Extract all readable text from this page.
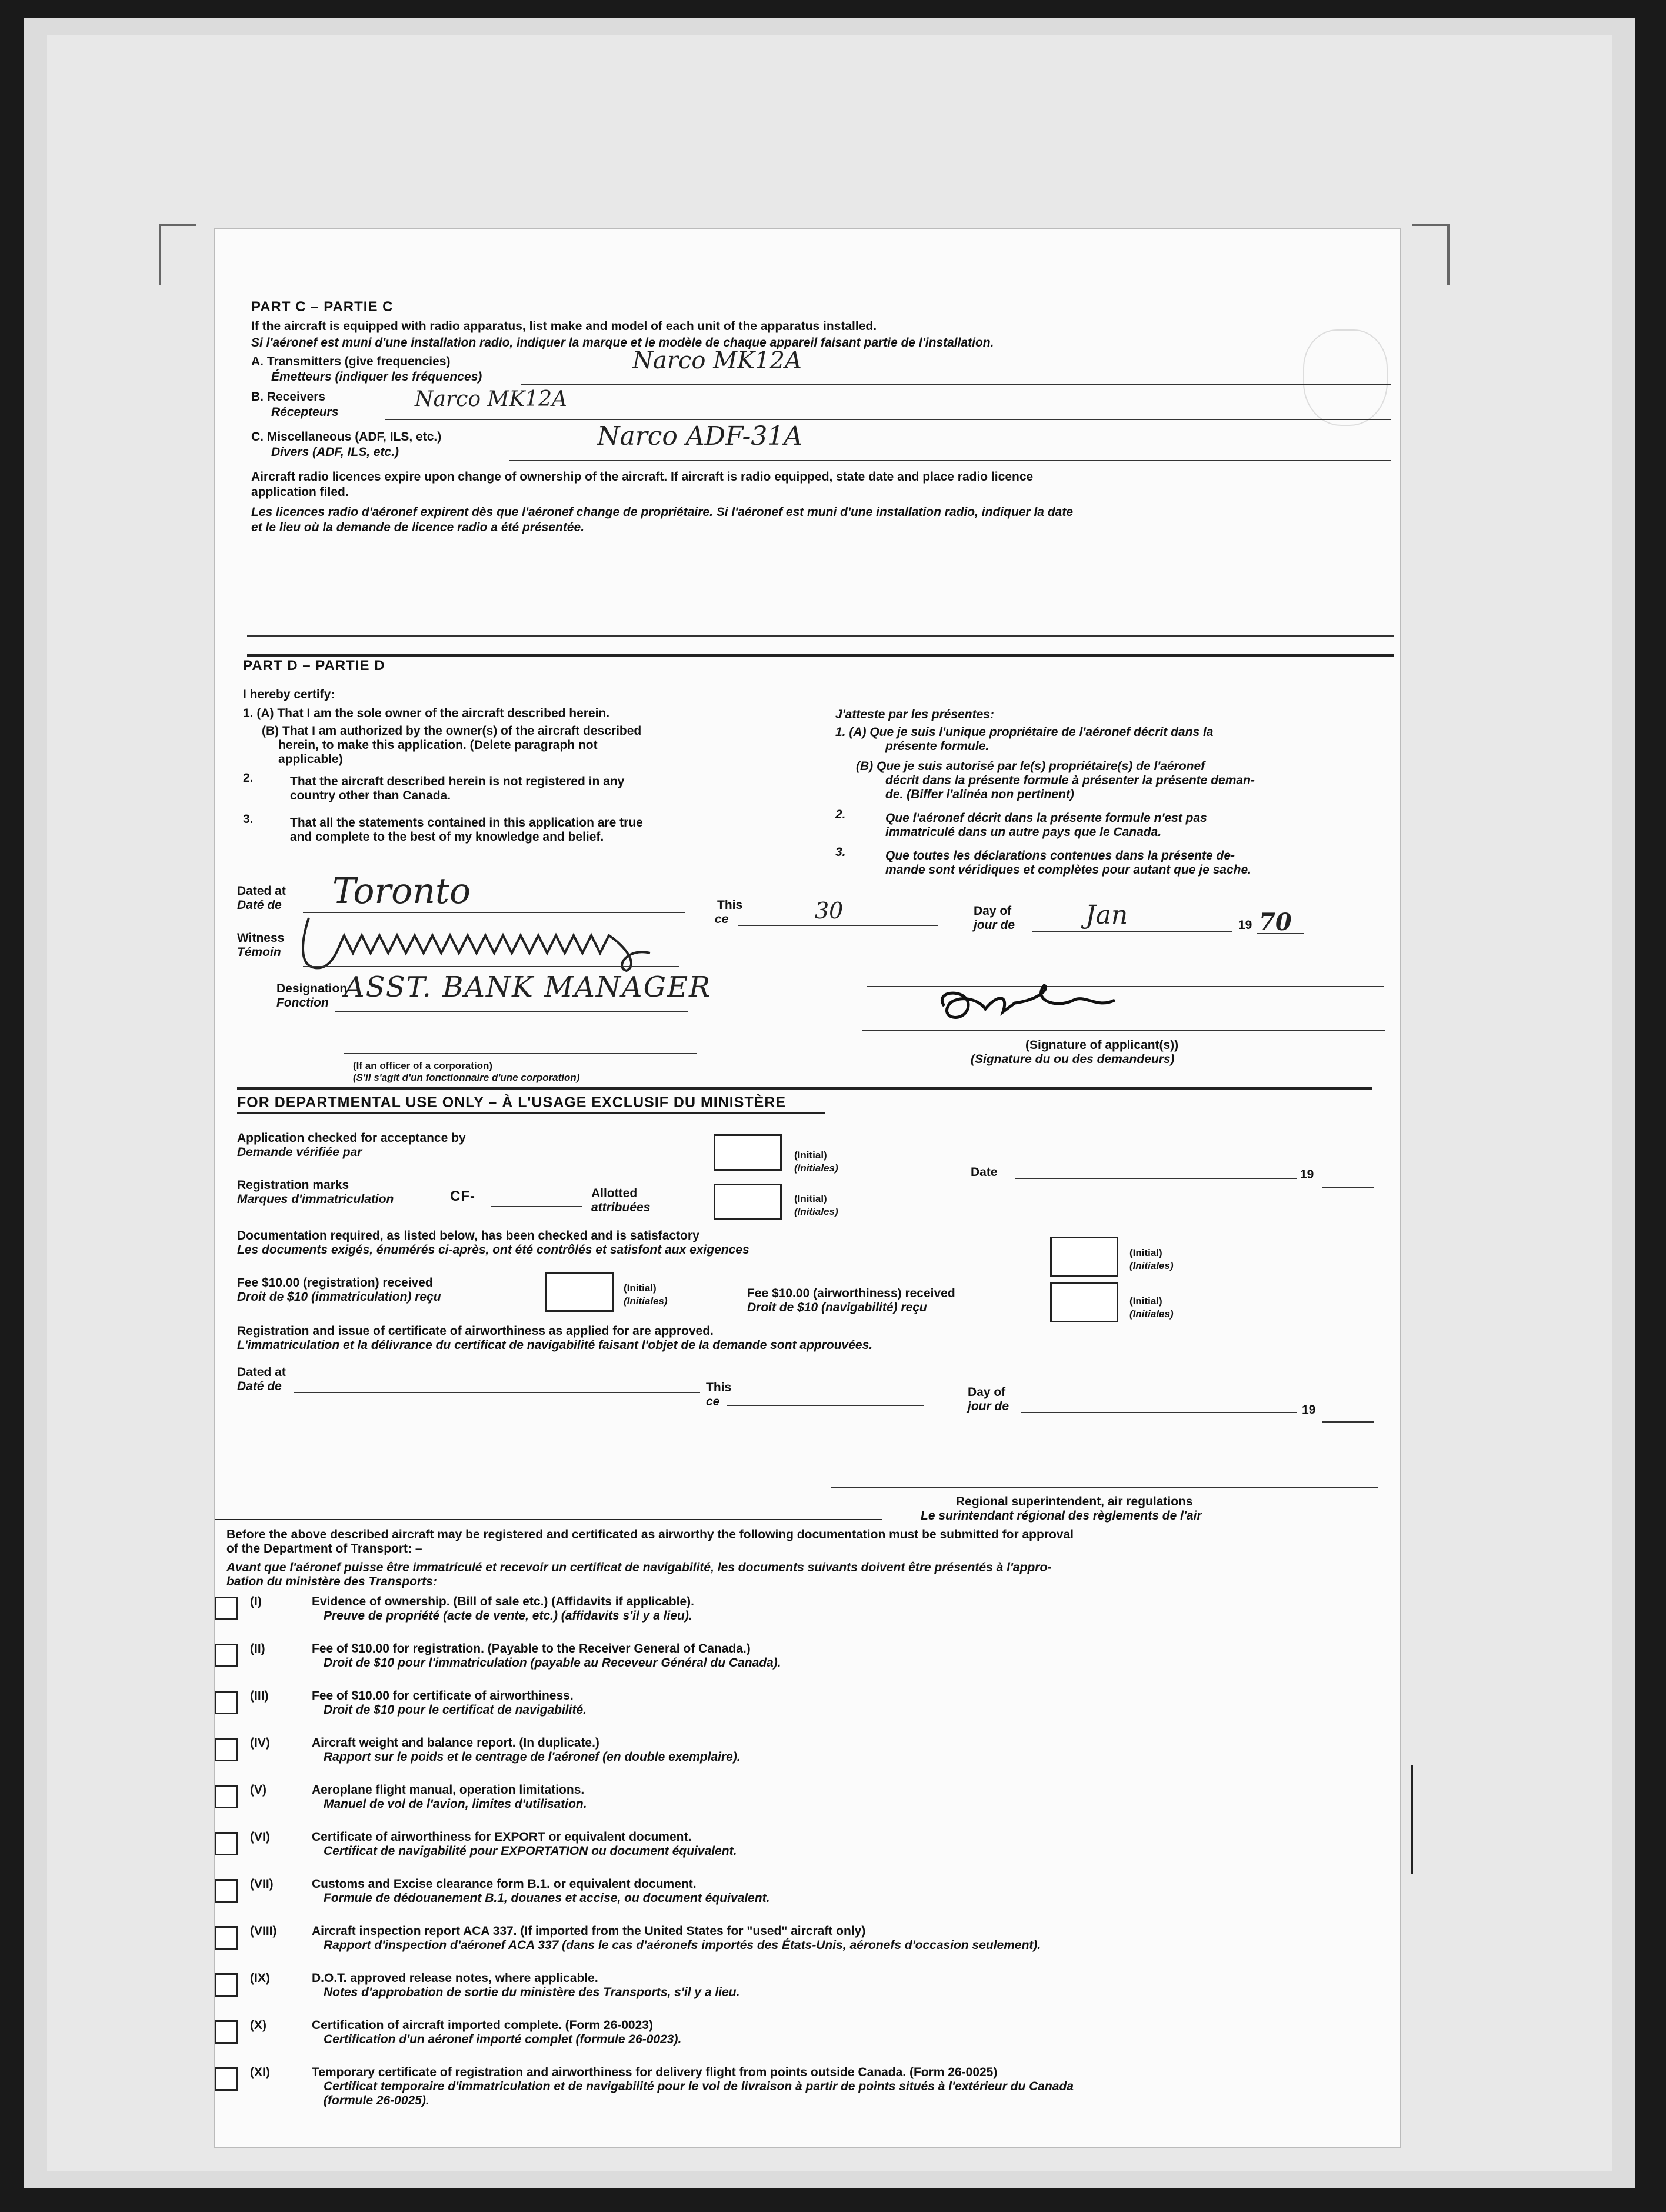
PART C – PARTIE C
If the aircraft is equipped with radio apparatus, list make and model of each unit of the apparatus installed.
Si l'aéronef est muni d'une installation radio, indiquer la marque et le modèle de chaque appareil faisant partie de l'installation.
A. Transmitters (give frequencies)
Émetteurs (indiquer les fréquences)
Narco MK12A
B. Receivers
Récepteurs
Narco MK12A
C. Miscellaneous (ADF, ILS, etc.)
Divers (ADF, ILS, etc.)
Narco ADF-31A
Aircraft radio licences expire upon change of ownership of the aircraft. If aircraft is radio equipped, state date and place radio licence
application filed.
Les licences radio d'aéronef expirent dès que l'aéronef change de propriétaire. Si l'aéronef est muni d'une installation radio, indiquer la date
et le lieu où la demande de licence radio a été présentée.
PART D – PARTIE D
I hereby certify:
1. (A) That I am the sole owner of the aircraft described herein.
(B) That I am authorized by the owner(s) of the aircraft described
herein, to make this application. (Delete paragraph not
applicable)
2.	That the aircraft described herein is not registered in any
country other than Canada.
3.	That all the statements contained in this application are true
and complete to the best of my knowledge and belief.
J'atteste par les présentes:
1. (A) Que je suis l'unique propriétaire de l'aéronef décrit dans la
présente formule.
(B) Que je suis autorisé par le(s) propriétaire(s) de l'aéronef
décrit dans la présente formule à présenter la présente deman-
de. (Biffer l'alinéa non pertinent)
2.	Que l'aéronef décrit dans la présente formule n'est pas
immatriculé dans un autre pays que le Canada.
3.	Que toutes les déclarations contenues dans la présente de-
mande sont véridiques et complètes pour autant que je sache.
Dated at
Daté de Toronto	This
ce	30	Day of
jour de	Jan	19 70
Witness
Témoin
Designation
Fonction ASST. BANK MANAGER
(Signature of applicant(s))
(Signature du ou des demandeurs)
(If an officer of a corporation)
(S'il s'agit d'un fonctionnaire d'une corporation)
FOR DEPARTMENTAL USE ONLY – À L'USAGE EXCLUSIF DU MINISTÈRE
Application checked for acceptance by
Demande vérifiée par	(Initial)
(Initiales)	Date	19
Registration marks
Marques d'immatriculation	CF-	Allotted
attribuées
(Initial)
(Initiales)
Documentation required, as listed below, has been checked and is satisfactory
Les documents exigés, énumérés ci-après, ont été contrôlés et satisfont aux exigences	(Initial)
(Initiales)
Fee $10.00 (registration) received
Droit de $10 (immatriculation) reçu
(Initial)
(Initiales)
Fee $10.00 (airworthiness) received
Droit de $10 (navigabilité) reçu	(Initial)
(Initiales)
Registration and issue of certificate of airworthiness as applied for are approved.
L'immatriculation et la délivrance du certificat de navigabilité faisant l'objet de la demande sont approuvées.
Dated at
Daté de	This
ce
Day of
jour de	19
Regional superintendent, air regulations
Le surintendant régional des règlements de l'air
Before the above described aircraft may be registered and certificated as airworthy the following documentation must be submitted for approval
of the Department of Transport: –
Avant que l'aéronef puisse être immatriculé et recevoir un certificat de navigabilité, les documents suivants doivent être présentés à l'appro-
bation du ministère des Transports:
(I)	Evidence of ownership. (Bill of sale etc.) (Affidavits if applicable).
Preuve de propriété (acte de vente, etc.) (affidavits s'il y a lieu).
(II)	Fee of $10.00 for registration. (Payable to the Receiver General of Canada.)
Droit de $10 pour l'immatriculation (payable au Receveur Général du Canada).
(III)	Fee of $10.00 for certificate of airworthiness.
Droit de $10 pour le certificat de navigabilité.
(IV)	Aircraft weight and balance report. (In duplicate.)
Rapport sur le poids et le centrage de l'aéronef (en double exemplaire).
(V)	Aeroplane flight manual, operation limitations.
Manuel de vol de l'avion, limites d'utilisation.
(VI)	Certificate of airworthiness for EXPORT or equivalent document.
Certificat de navigabilité pour EXPORTATION ou document équivalent.
(VII)	Customs and Excise clearance form B.1. or equivalent document.
Formule de dédouanement B.1, douanes et accise, ou document équivalent.
(VIII)	Aircraft inspection report ACA 337. (If imported from the United States for "used" aircraft only)
Rapport d'inspection d'aéronef ACA 337 (dans le cas d'aéronefs importés des États-Unis, aéronefs d'occasion seulement).
(IX)	D.O.T. approved release notes, where applicable.
Notes d'approbation de sortie du ministère des Transports, s'il y a lieu.
(X)	Certification of aircraft imported complete. (Form 26-0023)
Certification d'un aéronef importé complet (formule 26-0023).
(XI)	Temporary certificate of registration and airworthiness for delivery flight from points outside Canada. (Form 26-0025)
Certificat temporaire d'immatriculation et de navigabilité pour le vol de livraison à partir de points situés à l'extérieur du Canada
(formule 26-0025).
